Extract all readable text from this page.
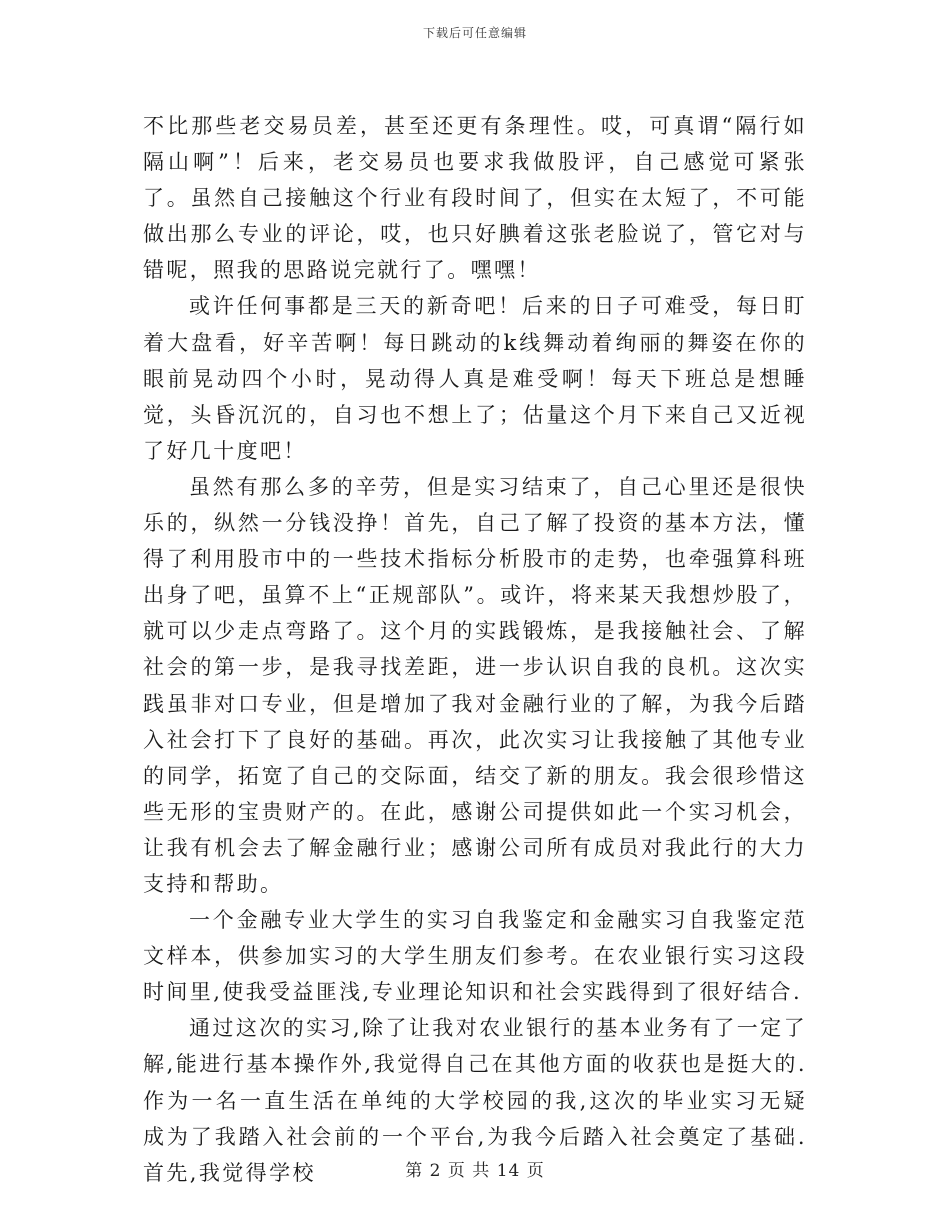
下载后可任意编辑

不比那些老交易员差，甚至还更有条理性。哎，可真谓“隔行如隔山啊”！后来，老交易员也要求我做股评，自己感觉可紧张了。虽然自己接触这个行业有段时间了，但实在太短了，不可能做出那么专业的评论，哎，也只好腆着这张老脸说了，管它对与错呢，照我的思路说完就行了。嘿嘿！

或许任何事都是三天的新奇吧！后来的日子可难受，每日盯着大盘看，好辛苦啊！每日跳动的k线舞动着绚丽的舞姿在你的眼前晃动四个小时，晃动得人真是难受啊！每天下班总是想睡觉，头昏沉沉的，自习也不想上了；估量这个月下来自己又近视了好几十度吧！

虽然有那么多的辛劳，但是实习结束了，自己心里还是很快乐的，纵然一分钱没挣！首先，自己了解了投资的基本方法，懂得了利用股市中的一些技术指标分析股市的走势，也牵强算科班出身了吧，虽算不上“正规部队”。或许，将来某天我想炒股了，就可以少走点弯路了。这个月的实践锻炼，是我接触社会、了解社会的第一步，是我寻找差距，进一步认识自我的良机。这次实践虽非对口专业，但是增加了我对金融行业的了解，为我今后踏入社会打下了良好的基础。再次，此次实习让我接触了其他专业的同学，拓宽了自己的交际面，结交了新的朋友。我会很珍惜这些无形的宝贵财产的。在此，感谢公司提供如此一个实习机会，让我有机会去了解金融行业；感谢公司所有成员对我此行的大力支持和帮助。

一个金融专业大学生的实习自我鉴定和金融实习自我鉴定范文样本，供参加实习的大学生朋友们参考。在农业银行实习这段时间里,使我受益匪浅,专业理论知识和社会实践得到了很好结合.

通过这次的实习,除了让我对农业银行的基本业务有了一定了解,能进行基本操作外,我觉得自己在其他方面的收获也是挺大的.作为一名一直生活在单纯的大学校园的我,这次的毕业实习无疑成为了我踏入社会前的一个平台,为我今后踏入社会奠定了基础.　首先,我觉得学校	第 2 页 共 14 页
